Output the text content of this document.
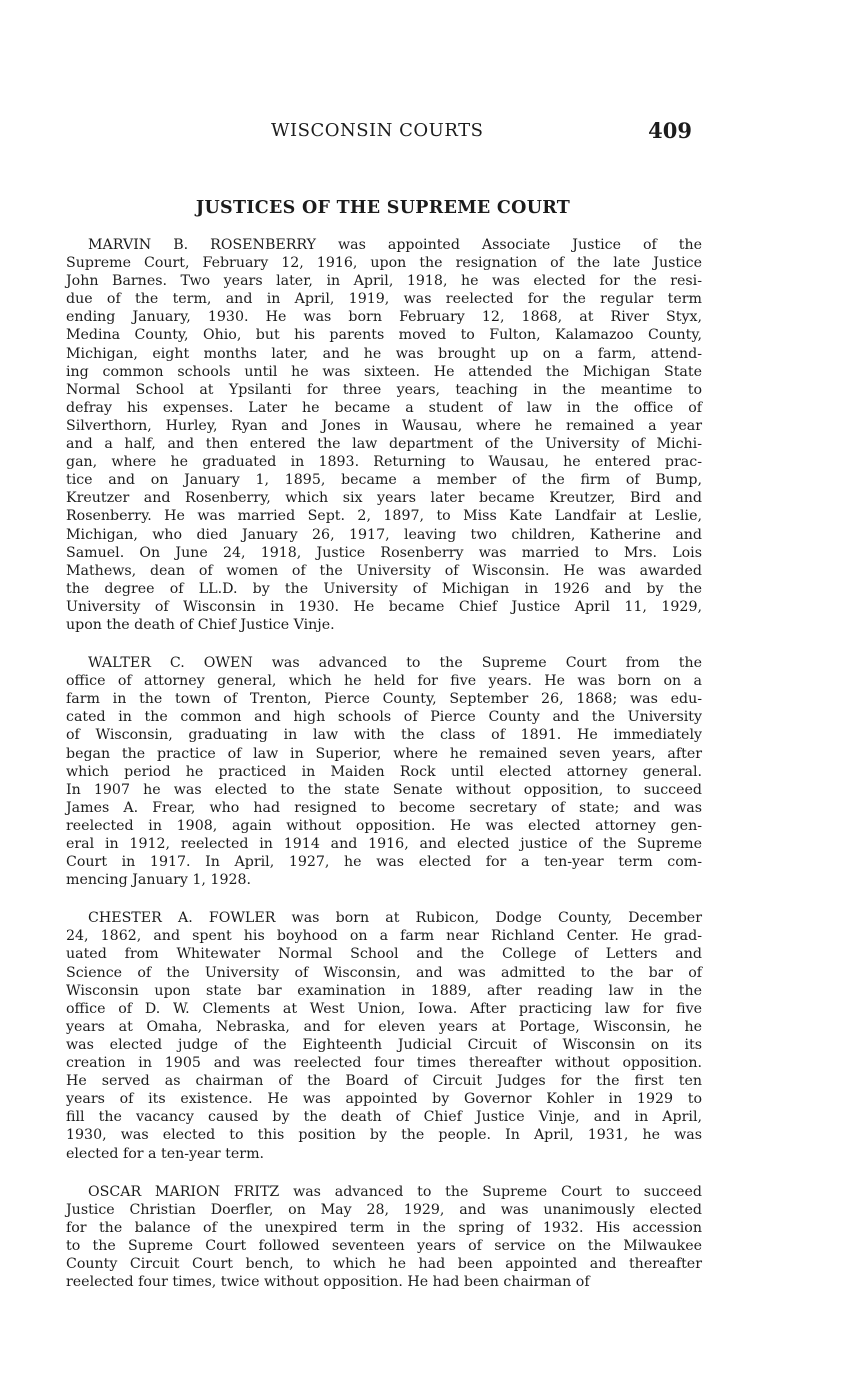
WISCONSIN COURTS	409
JUSTICES OF THE SUPREME COURT
MARVIN B. ROSENBERRY was appointed Associate Justice of the
Supreme Court, February 12, 1916, upon the resignation of the late Justice
John Barnes. Two years later, in April, 1918, he was elected for the resi-
due of the term, and in April, 1919, was reelected for the regular term
ending January, 1930. He was born February 12, 1868, at River Styx,
Medina County, Ohio, but his parents moved to Fulton, Kalamazoo County,
Michigan, eight months later, and he was brought up on a farm, attend-
ing common schools until he was sixteen. He attended the Michigan State
Normal School at Ypsilanti for three years, teaching in the meantime to
defray his expenses. Later he became a student of law in the office of
Silverthorn, Hurley, Ryan and Jones in Wausau, where he remained a year
and a half, and then entered the law department of the University of Michi-
gan, where he graduated in 1893. Returning to Wausau, he entered prac-
tice and on January 1, 1895, became a member of the firm of Bump,
Kreutzer and Rosenberry, which six years later became Kreutzer, Bird and
Rosenberry. He was married Sept. 2, 1897, to Miss Kate Landfair at Leslie,
Michigan, who died January 26, 1917, leaving two children, Katherine and
Samuel. On June 24, 1918, Justice Rosenberry was married to Mrs. Lois
Mathews, dean of women of the University of Wisconsin. He was awarded
the degree of LL.D. by the University of Michigan in 1926 and by the
University of Wisconsin in 1930. He became Chief Justice April 11, 1929,
upon the death of Chief Justice Vinje.
WALTER C. OWEN was advanced to the Supreme Court from the
office of attorney general, which he held for five years. He was born on a
farm in the town of Trenton, Pierce County, September 26, 1868; was edu-
cated in the common and high schools of Pierce County and the University
of Wisconsin, graduating in law with the class of 1891. He immediately
began the practice of law in Superior, where he remained seven years, after
which period he practiced in Maiden Rock until elected attorney general.
In 1907 he was elected to the state Senate without opposition, to succeed
James A. Frear, who had resigned to become secretary of state; and was
reelected in 1908, again without opposition. He was elected attorney gen-
eral in 1912, reelected in 1914 and 1916, and elected justice of the Supreme
Court in 1917. In April, 1927, he was elected for a ten-year term com-
mencing January 1, 1928.
CHESTER A. FOWLER was born at Rubicon, Dodge County, December
24, 1862, and spent his boyhood on a farm near Richland Center. He grad-
uated from Whitewater Normal School and the College of Letters and
Science of the University of Wisconsin, and was admitted to the bar of
Wisconsin upon state bar examination in 1889, after reading law in the
office of D. W. Clements at West Union, Iowa. After practicing law for five
years at Omaha, Nebraska, and for eleven years at Portage, Wisconsin, he
was elected judge of the Eighteenth Judicial Circuit of Wisconsin on its
creation in 1905 and was reelected four times thereafter without opposition.
He served as chairman of the Board of Circuit Judges for the first ten
years of its existence. He was appointed by Governor Kohler in 1929 to
fill the vacancy caused by the death of Chief Justice Vinje, and in April,
1930, was elected to this position by the people. In April, 1931, he was
elected for a ten-year term.
OSCAR MARION FRITZ was advanced to the Supreme Court to succeed
Justice Christian Doerfler, on May 28, 1929, and was unanimously elected
for the balance of the unexpired term in the spring of 1932. His accession
to the Supreme Court followed seventeen years of service on the Milwaukee
County Circuit Court bench, to which he had been appointed and thereafter
reelected four times, twice without opposition. He had been chairman of
